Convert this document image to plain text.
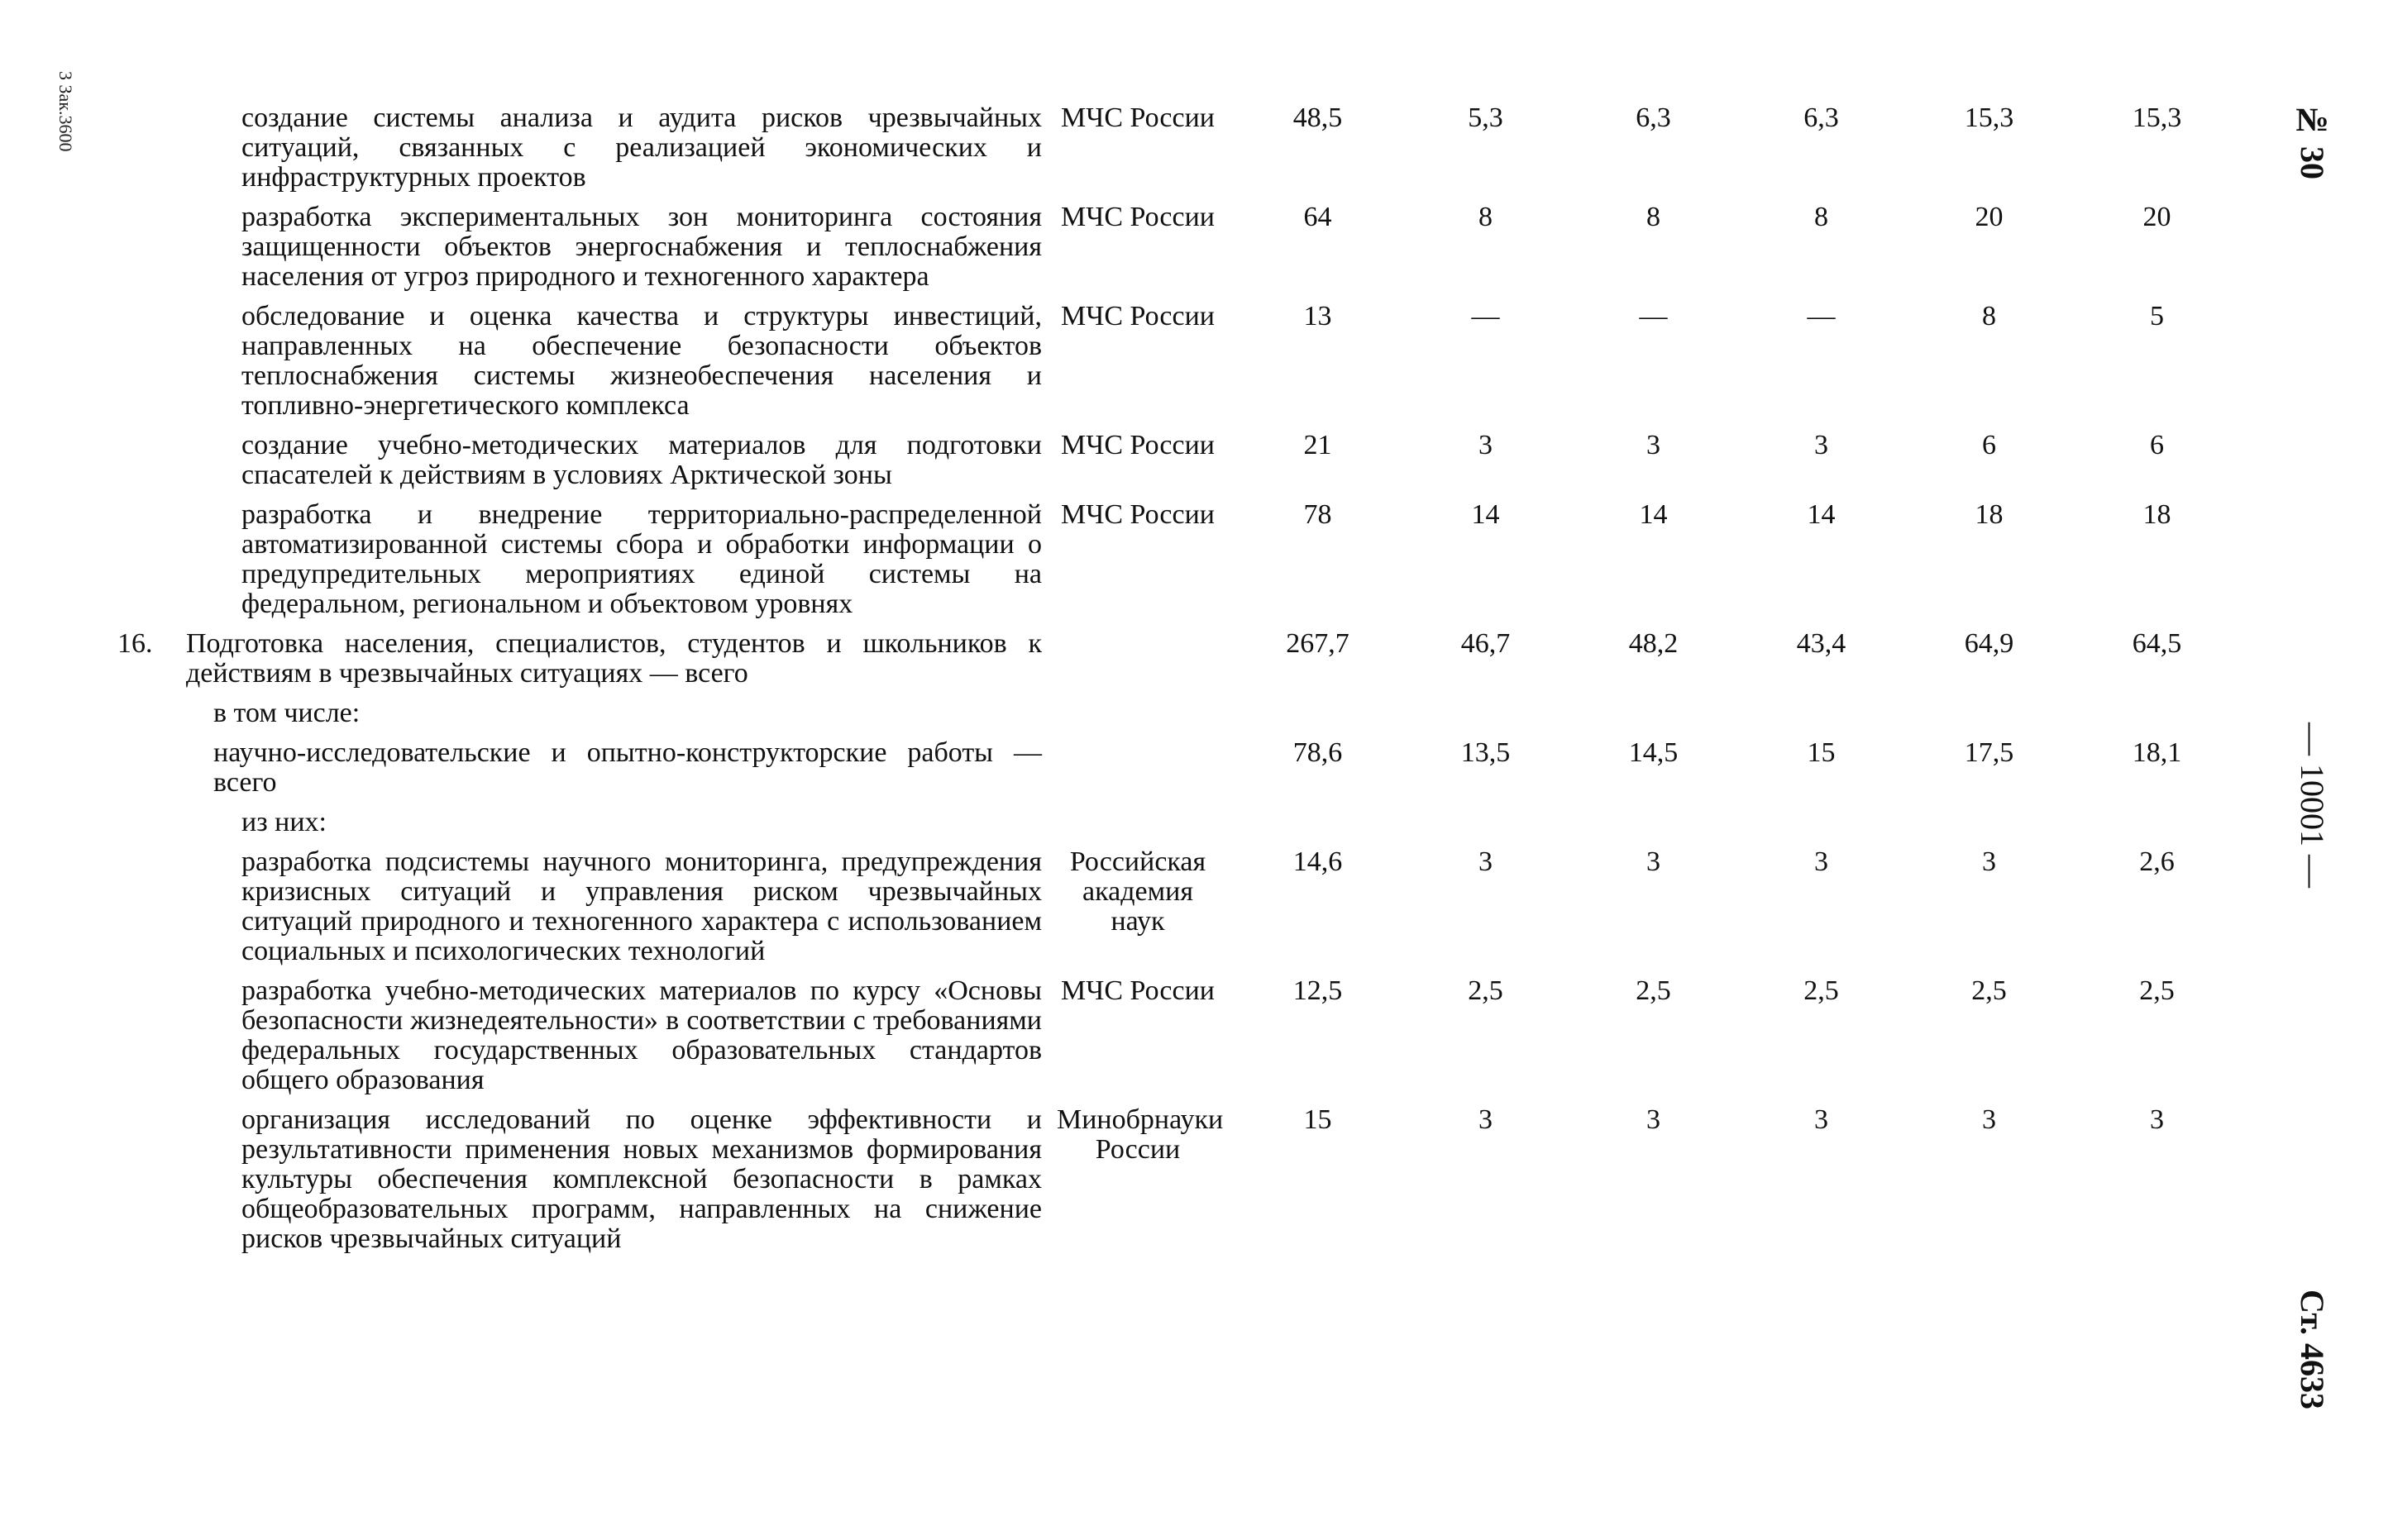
3 Зак.3600	№ 30
— 10001 —
Ст. 4633
	создание системы анализа и аудита рисков чрезвычайных ситуаций, связанных с реализацией экономических и инфраструктурных проектов	МЧС России	48,5	5,3	6,3	6,3	15,3	15,3
	разработка экспериментальных зон мониторинга состояния защищенности объектов энергоснабжения и теплоснабжения населения от угроз природного и техногенного характера	МЧС России	64	8	8	8	20	20
	обследование и оценка качества и структуры инвестиций, направленных на обеспечение безопасности объектов теплоснабжения системы жизнеобеспечения населения и топливно-энергетического комплекса	МЧС России	13	—	—	—	8	5
	создание учебно-методических материалов для подготовки спасателей к действиям в условиях Арктической зоны	МЧС России	21	3	3	3	6	6
	разработка и внедрение территориально-распределенной автоматизированной системы сбора и обработки информации о предупредительных мероприятиях единой системы на федеральном, региональном и объектовом уровнях	МЧС России	78	14	14	14	18	18
16.	Подготовка населения, специалистов, студентов и школьников к действиям в чрезвычайных ситуациях — всего		267,7	46,7	48,2	43,4	64,9	64,5
	в том числе:							
	научно-исследовательские и опытно-конструкторские работы — всего		78,6	13,5	14,5	15	17,5	18,1
	из них:							
	разработка подсистемы научного мониторинга, предупреждения кризисных ситуаций и управления риском чрезвычайных ситуаций природного и техногенного характера с использованием социальных и психологических технологий	Российская академия наук	14,6	3	3	3	3	2,6
	разработка учебно-методических материалов по курсу «Основы безопасности жизнедеятельности» в соответствии с требованиями федеральных государственных образовательных стандартов общего образования	МЧС России	12,5	2,5	2,5	2,5	2,5	2,5
	организация исследований по оценке эффективности и результативности применения новых механизмов формирования культуры обеспечения комплексной безопасности в рамках общеобразовательных программ, направленных на снижение рисков чрезвычайных ситуаций	Минобрнауки России	15	3	3	3	3	3
